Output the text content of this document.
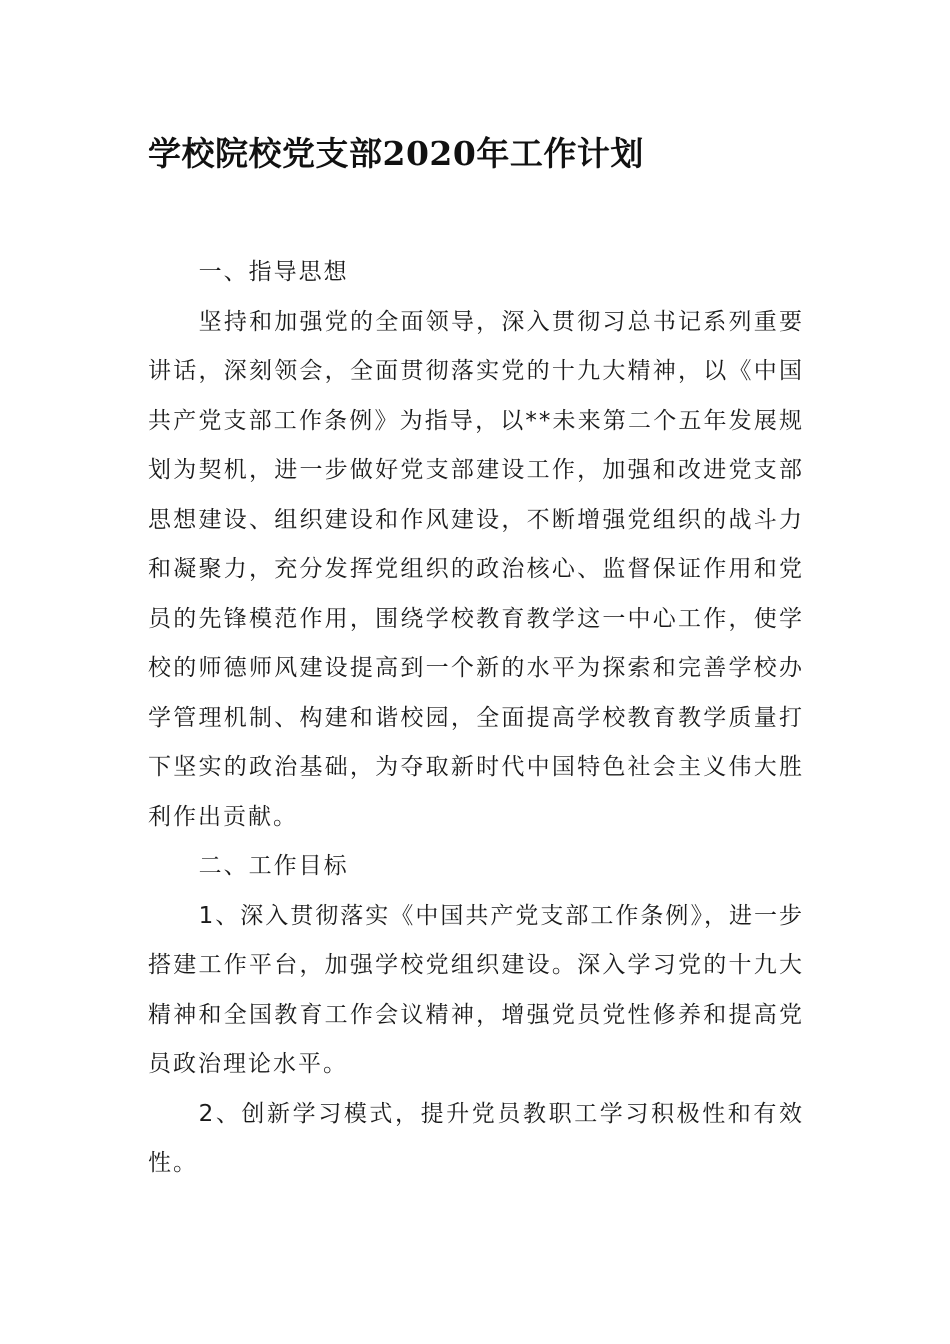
学校院校党支部2020年工作计划

一、指导思想

坚持和加强党的全面领导，深入贯彻习总书记系列重要讲话，深刻领会，全面贯彻落实党的十九大精神，以《中国共产党支部工作条例》为指导，以**未来第二个五年发展规划为契机，进一步做好党支部建设工作，加强和改进党支部思想建设、组织建设和作风建设，不断增强党组织的战斗力和凝聚力，充分发挥党组织的政治核心、监督保证作用和党员的先锋模范作用，围绕学校教育教学这一中心工作，使学校的师德师风建设提高到一个新的水平为探索和完善学校办学管理机制、构建和谐校园，全面提高学校教育教学质量打下坚实的政治基础，为夺取新时代中国特色社会主义伟大胜利作出贡献。

二、工作目标

1、深入贯彻落实《中国共产党支部工作条例》，进一步搭建工作平台，加强学校党组织建设。深入学习党的十九大精神和全国教育工作会议精神，增强党员党性修养和提高党员政治理论水平。

2、创新学习模式，提升党员教职工学习积极性和有效性。
